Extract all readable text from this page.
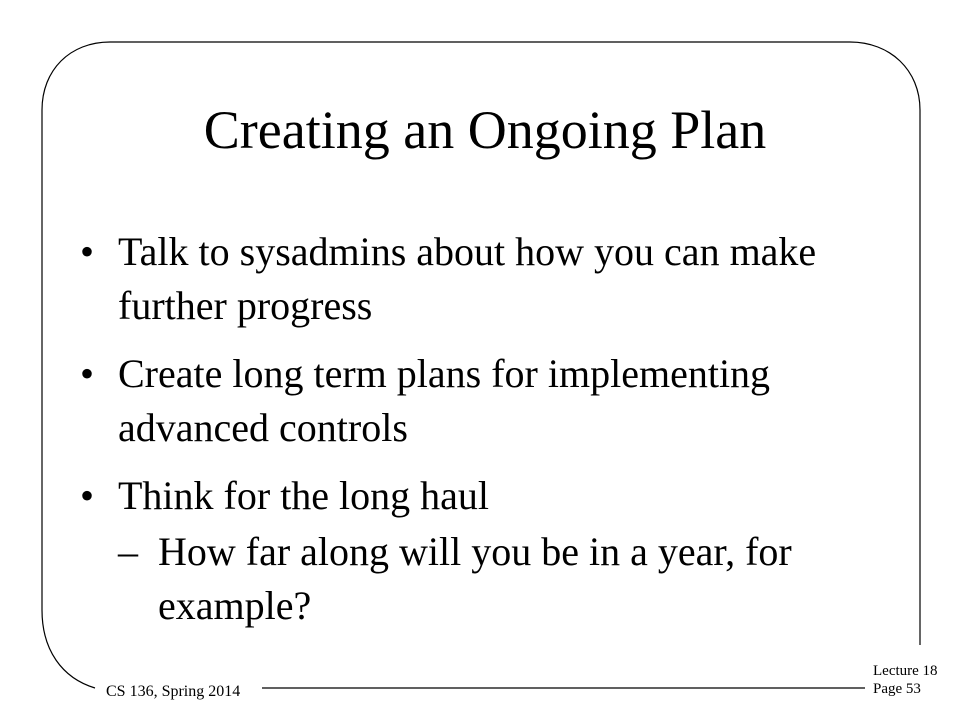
Creating an Ongoing Plan
• Talk to sysadmins about how you can make further progress
• Create long term plans for implementing advanced controls
• Think for the long haul
– How far along will you be in a year, for example?
CS 136, Spring 2014
Lecture 18
Page 53
